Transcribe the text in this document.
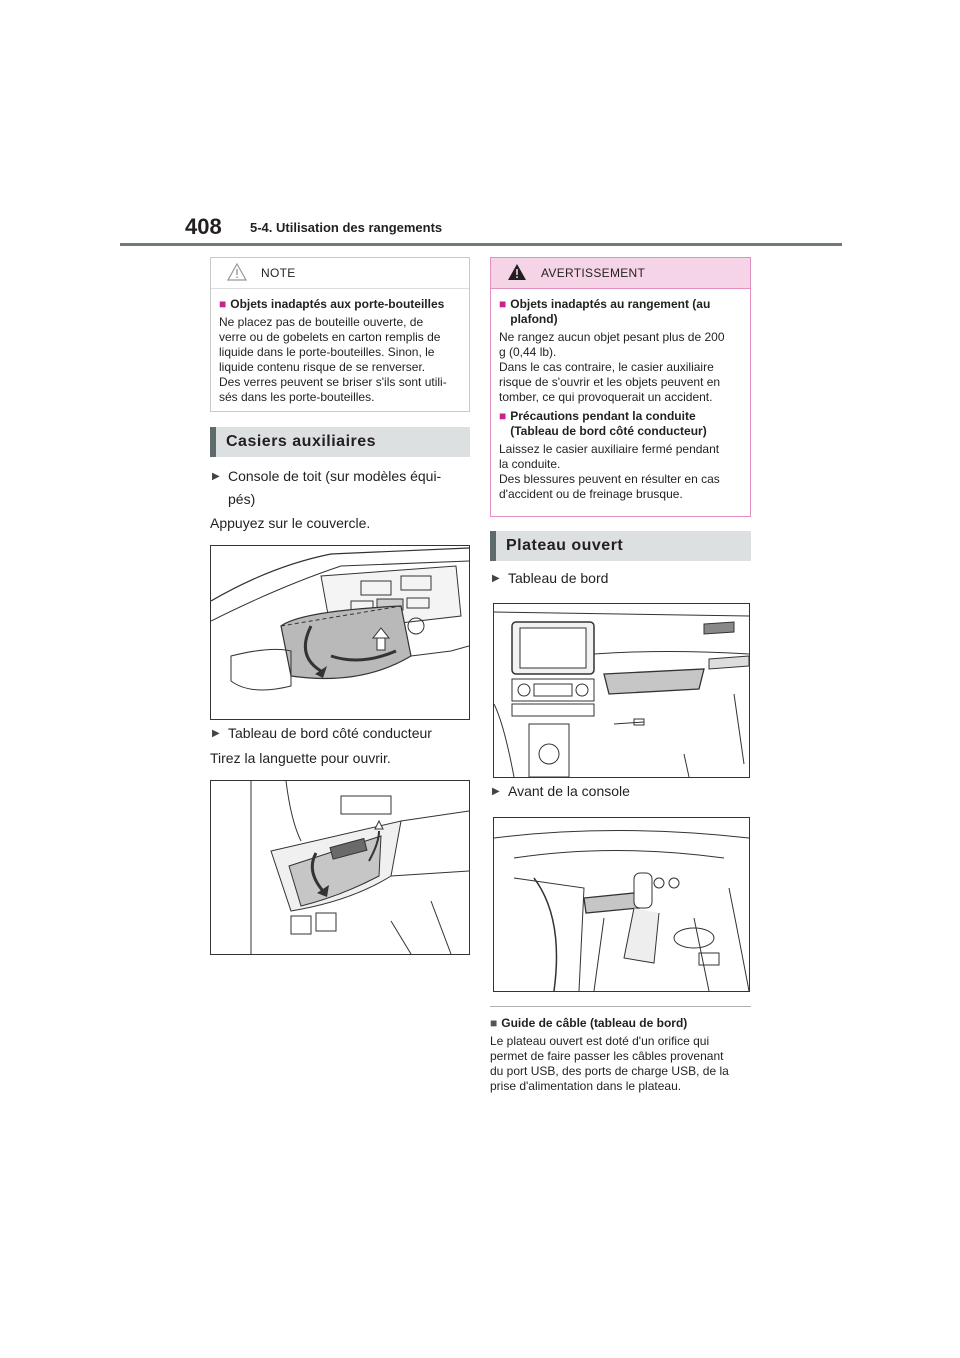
408 5-4. Utilisation des rangements
NOTE
■ Objets inadaptés aux porte-bouteilles
Ne placez pas de bouteille ouverte, de
verre ou de gobelets en carton remplis de
liquide dans le porte-bouteilles. Sinon, le
liquide contenu risque de se renverser.
Des verres peuvent se briser s'ils sont utili-
sés dans les porte-bouteilles.
Casiers auxiliaires
▶ Console de toit (sur modèles équi-
pés)
Appuyez sur le couvercle.
▶ Tableau de bord côté conducteur
Tirez la languette pour ouvrir.
AVERTISSEMENT
■ Objets inadaptés au rangement (au
plafond)
Ne rangez aucun objet pesant plus de 200
g (0,44 lb).
Dans le cas contraire, le casier auxiliaire
risque de s'ouvrir et les objets peuvent en
tomber, ce qui provoquerait un accident.
■ Précautions pendant la conduite
(Tableau de bord côté conducteur)
Laissez le casier auxiliaire fermé pendant
la conduite.
Des blessures peuvent en résulter en cas
d'accident ou de freinage brusque.
Plateau ouvert
▶ Tableau de bord
▶ Avant de la console
■ Guide de câble (tableau de bord)
Le plateau ouvert est doté d'un orifice qui
permet de faire passer les câbles provenant
du port USB, des ports de charge USB, de la
prise d'alimentation dans le plateau.
